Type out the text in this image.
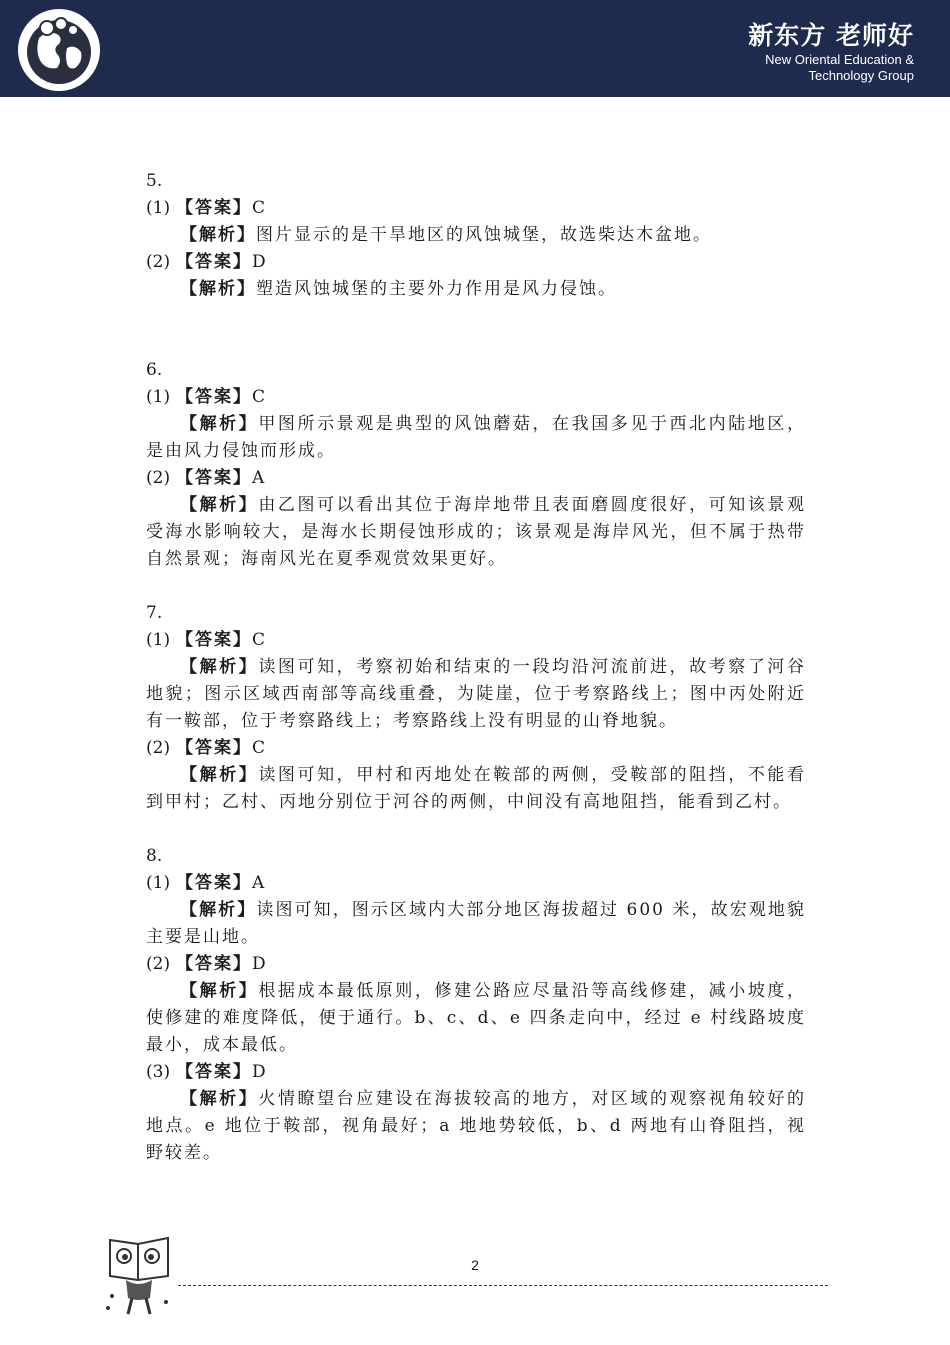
新东方 老师好
New Oriental Education &
Technology Group
5.
(1) 【答案】C
【解析】图片显示的是干旱地区的风蚀城堡，故选柴达木盆地。
(2) 【答案】D
【解析】塑造风蚀城堡的主要外力作用是风力侵蚀。
6.
(1) 【答案】C
【解析】甲图所示景观是典型的风蚀蘑菇，在我国多见于西北内陆地区，是由风力侵蚀而形成。
(2) 【答案】A
【解析】由乙图可以看出其位于海岸地带且表面磨圆度很好，可知该景观受海水影响较大，是海水长期侵蚀形成的；该景观是海岸风光，但不属于热带自然景观；海南风光在夏季观赏效果更好。
7.
(1) 【答案】C
【解析】读图可知，考察初始和结束的一段均沿河流前进，故考察了河谷地貌；图示区域西南部等高线重叠，为陡崖，位于考察路线上；图中丙处附近有一鞍部，位于考察路线上；考察路线上没有明显的山脊地貌。
(2) 【答案】C
【解析】读图可知，甲村和丙地处在鞍部的两侧，受鞍部的阻挡，不能看到甲村；乙村、丙地分别位于河谷的两侧，中间没有高地阻挡，能看到乙村。
8.
(1) 【答案】A
【解析】读图可知，图示区域内大部分地区海拔超过 600 米，故宏观地貌主要是山地。
(2) 【答案】D
【解析】根据成本最低原则，修建公路应尽量沿等高线修建，减小坡度，使修建的难度降低，便于通行。b、c、d、e 四条走向中，经过 e 村线路坡度最小，成本最低。
(3) 【答案】D
【解析】火情瞭望台应建设在海拔较高的地方，对区域的观察视角较好的地点。e 地位于鞍部，视角最好；a 地地势较低，b、d 两地有山脊阻挡，视野较差。
2
